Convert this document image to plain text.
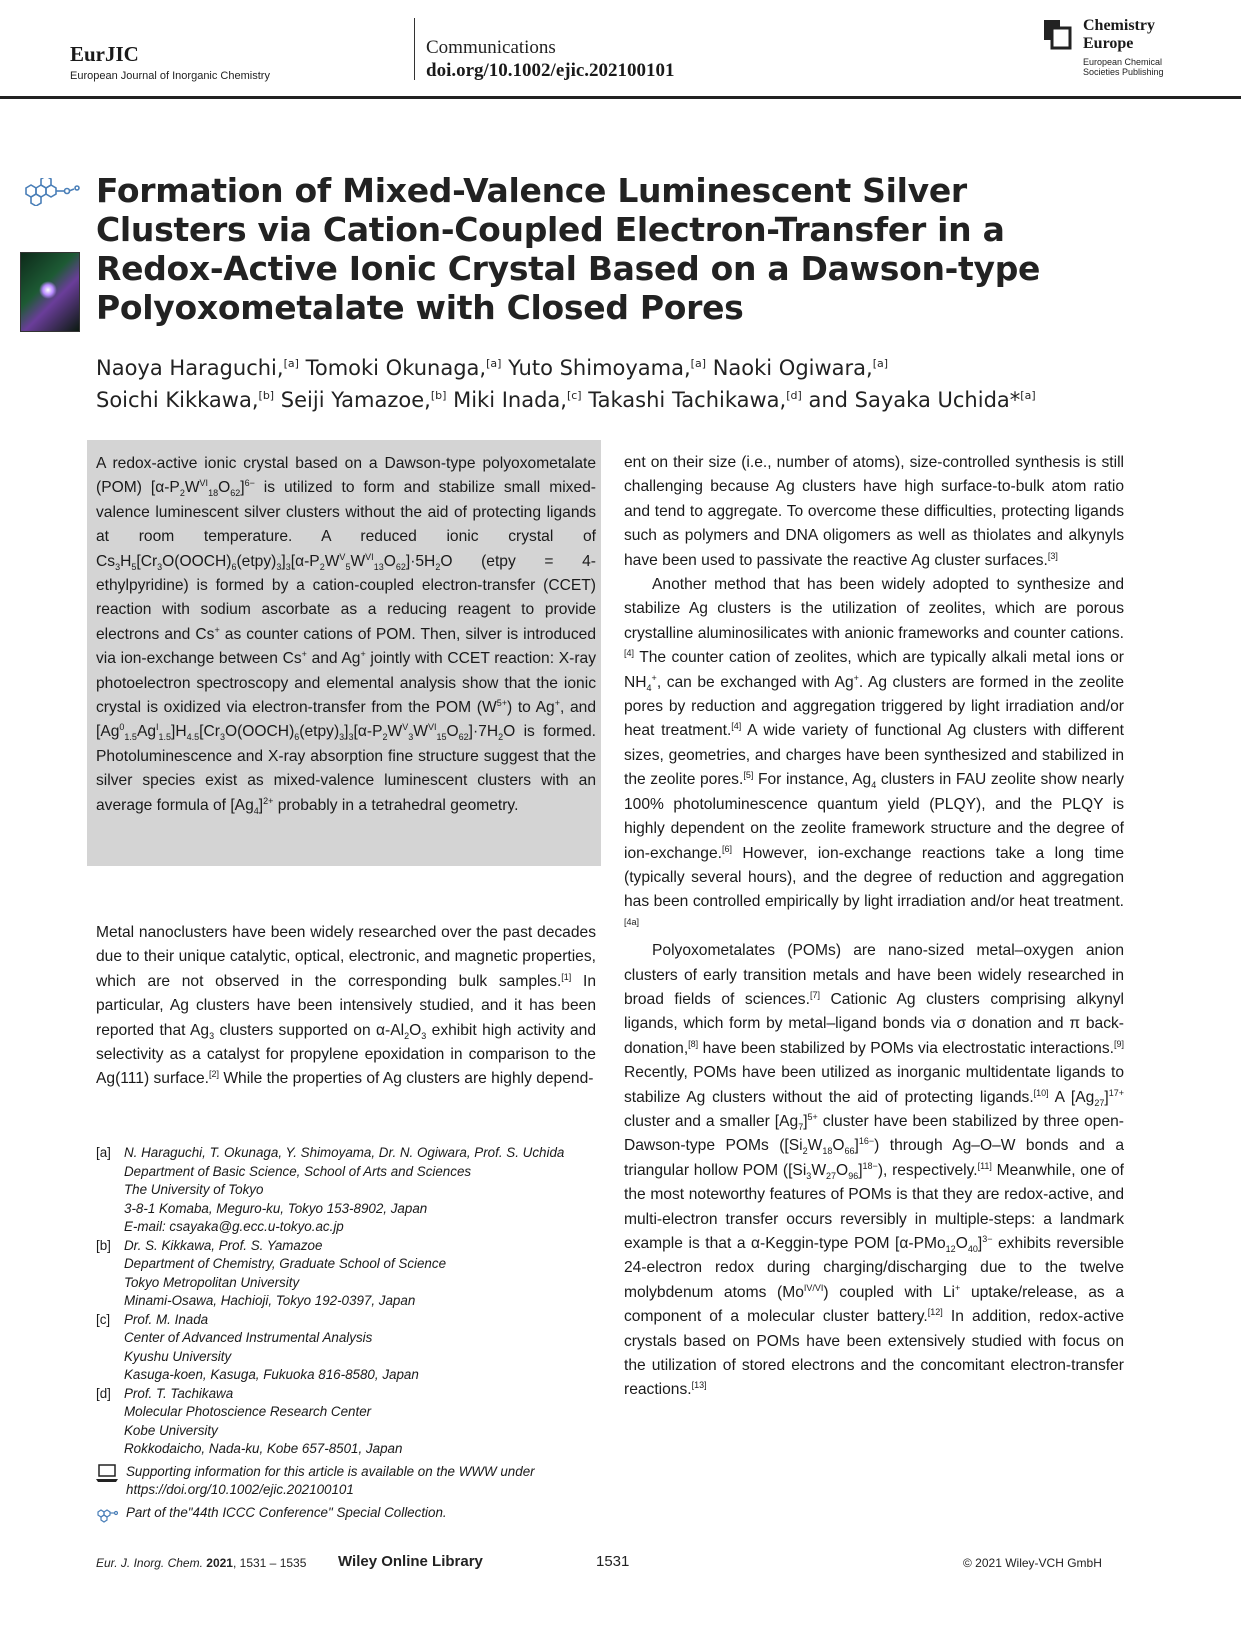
EurJIC
European Journal of Inorganic Chemistry
Communications
doi.org/10.1002/ejic.202100101
Chemistry
Europe
European Chemical
Societies Publishing
Formation of Mixed-Valence Luminescent Silver Clusters via Cation-Coupled Electron-Transfer in a Redox-Active Ionic Crystal Based on a Dawson-type Polyoxometalate with Closed Pores
Naoya Haraguchi,[a] Tomoki Okunaga,[a] Yuto Shimoyama,[a] Naoki Ogiwara,[a]
Soichi Kikkawa,[b] Seiji Yamazoe,[b] Miki Inada,[c] Takashi Tachikawa,[d] and Sayaka Uchida*[a]
A redox-active ionic crystal based on a Dawson-type polyoxometalate (POM) $[\alpha-P_2W^{VI}_{18}O_{62}]^{6-}$ is utilized to form and stabilize small mixed-valence luminescent silver clusters without the aid of protecting ligands at room temperature. A reduced ionic crystal of $Cs_3H_5[Cr_3O(OOCH)_6(etpy)_3]_3[\alpha-P_2W^V_5W^{VI}_{13}O_{62}]\cdot 5H_2O$ (etpy = 4-ethylpyridine) is formed by a cation-coupled electron-transfer (CCET) reaction with sodium ascorbate as a reducing reagent to provide electrons and Cs+ as counter cations of POM. Then, silver is introduced via ion-exchange between Cs+ and Ag+ jointly with CCET reaction: X-ray photoelectron spectroscopy and elemental analysis show that the ionic crystal is oxidized via electron-transfer from the POM $(W^{5+})$ to Ag+, and $[Ag^0_{1.5}Ag^I_{1.5}]H_{4.5}[Cr_3O(OOCH)_6(etpy)_3]_3[\alpha-P_2W^V_3W^{VI}_{15}O_{62}]\cdot 7H_2O$ is formed. Photoluminescence and X-ray absorption fine structure suggest that the silver species exist as mixed-valence luminescent clusters with an average formula of $[Ag_4]^{2+}$ probably in a tetrahedral geometry.

Metal nanoclusters have been widely researched over the past decades due to their unique catalytic, optical, electronic, and magnetic properties, which are not observed in the corresponding bulk samples.[1] In particular, Ag clusters have been intensively studied, and it has been reported that $Ag_3$ clusters supported on $\alpha-Al_2O_3$ exhibit high activity and selectivity as a catalyst for propylene epoxidation in comparison to the Ag(111) surface.[2] While the properties of Ag clusters are highly depend-

ent on their size (i.e., number of atoms), size-controlled synthesis is still challenging because Ag clusters have high surface-to-bulk atom ratio and tend to aggregate. To overcome these difficulties, protecting ligands such as polymers and DNA oligomers as well as thiolates and alkynyls have been used to passivate the reactive Ag cluster surfaces.[3]

Another method that has been widely adopted to synthesize and stabilize Ag clusters is the utilization of zeolites, which are porous crystalline aluminosilicates with anionic frameworks and counter cations.[4] The counter cation of zeolites, which are typically alkali metal ions or $NH_4^+$, can be exchanged with Ag+. Ag clusters are formed in the zeolite pores by reduction and aggregation triggered by light irradiation and/or heat treatment.[4] A wide variety of functional Ag clusters with different sizes, geometries, and charges have been synthesized and stabilized in the zeolite pores.[5] For instance, $Ag_4$ clusters in FAU zeolite show nearly 100% photoluminescence quantum yield (PLQY), and the PLQY is highly dependent on the zeolite framework structure and the degree of ion-exchange.[6] However, ion-exchange reactions take a long time (typically several hours), and the degree of reduction and aggregation has been controlled empirically by light irradiation and/or heat treatment.[4a]

Polyoxometalates (POMs) are nano-sized metal–oxygen anion clusters of early transition metals and have been widely researched in broad fields of sciences.[7] Cationic Ag clusters comprising alkynyl ligands, which form by metal–ligand bonds via σ donation and π back-donation,[8] have been stabilized by POMs via electrostatic interactions.[9] Recently, POMs have been utilized as inorganic multidentate ligands to stabilize Ag clusters without the aid of protecting ligands.[10] A $[Ag_{27}]^{17+}$ cluster and a smaller $[Ag_7]^{5+}$ cluster have been stabilized by three open-Dawson-type POMs $([Si_2W_{18}O_{66}]^{16-})$ through Ag–O–W bonds and a triangular hollow POM $([Si_3W_{27}O_{96}]^{18-})$, respectively.[11] Meanwhile, one of the most noteworthy features of POMs is that they are redox-active, and multi-electron transfer occurs reversibly in multiple-steps: a landmark example is that a α-Keggin-type POM $[\alpha-PMo_{12}O_{40}]^{3-}$ exhibits reversible 24-electron redox during charging/discharging due to the twelve molybdenum atoms $(Mo^{IV/VI})$ coupled with Li+ uptake/release, as a component of a molecular cluster battery.[12] In addition, redox-active crystals based on POMs have been extensively studied with focus on the utilization of stored electrons and the concomitant electron-transfer reactions.[13]

[a] N. Haraguchi, T. Okunaga, Y. Shimoyama, Dr. N. Ogiwara, Prof. S. Uchida
Department of Basic Science, School of Arts and Sciences
The University of Tokyo
3-8-1 Komaba, Meguro-ku, Tokyo 153-8902, Japan
E-mail: csayaka@g.ecc.u-tokyo.ac.jp
[b] Dr. S. Kikkawa, Prof. S. Yamazoe
Department of Chemistry, Graduate School of Science
Tokyo Metropolitan University
Minami-Osawa, Hachioji, Tokyo 192-0397, Japan
[c]	Prof. M. Inada
Center of Advanced Instrumental Analysis
Kyushu University
Kasuga-koen, Kasuga, Fukuoka 816-8580, Japan
[d] Prof. T. Tachikawa
Molecular Photoscience Research Center
Kobe University
Rokkodaicho, Nada-ku, Kobe 657-8501, Japan
Supporting information for this article is available on the WWW under https://doi.org/10.1002/ejic.202100101
Part of the"44th ICCC Conference" Special Collection.
Eur. J. Inorg. Chem. 2021, 1531 – 1535 Wiley Online Library	1531	© 2021 Wiley-VCH GmbH
